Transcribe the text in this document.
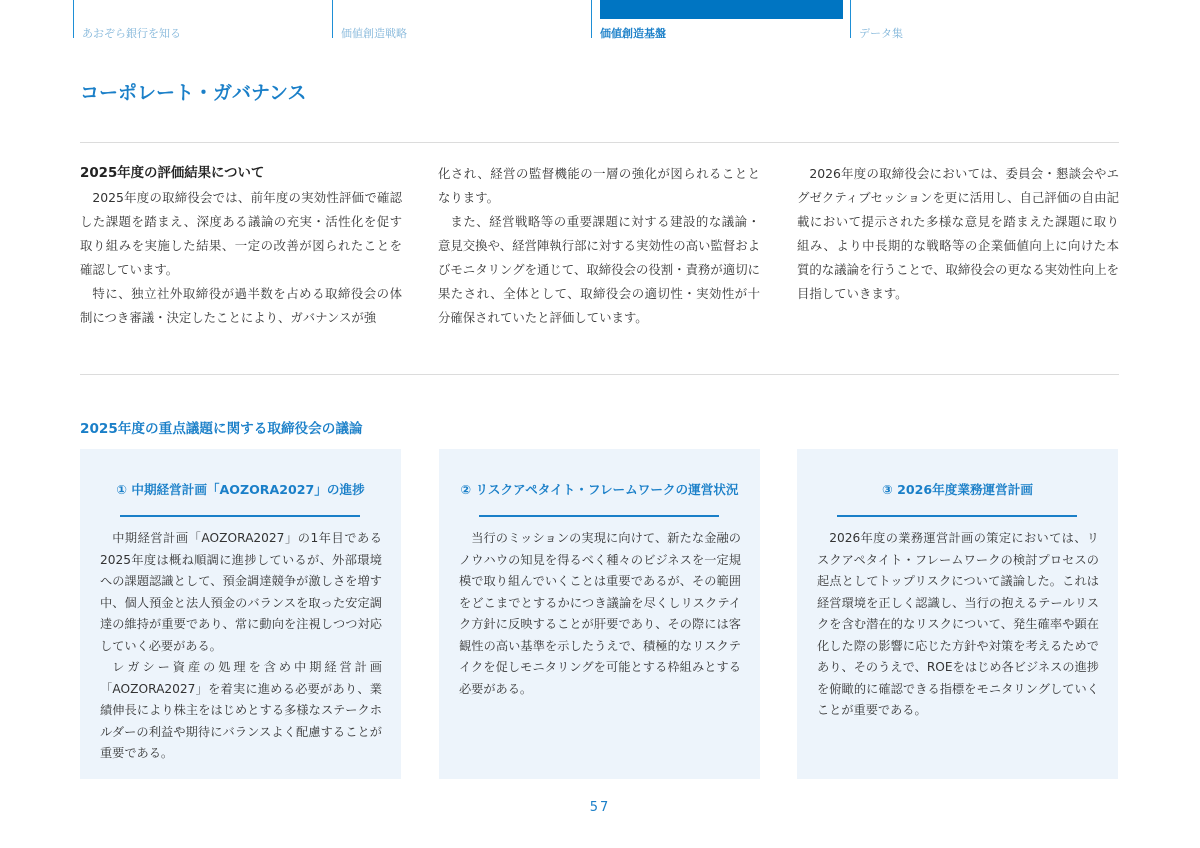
あおぞら銀行を知る	価値創造戦略	価値創造基盤	データ集
コーポレート・ガバナンス
2025年度の評価結果について

2025年度の取締役会では、前年度の実効性評価で確認した課題を踏まえ、深度ある議論の充実・活性化を促す取り組みを実施した結果、一定の改善が図られたことを確認しています。

特に、独立社外取締役が過半数を占める取締役会の体制につき審議・決定したことにより、ガバナンスが強

化され、経営の監督機能の一層の強化が図られることとなります。

また、経営戦略等の重要課題に対する建設的な議論・意見交換や、経営陣執行部に対する実効性の高い監督およびモニタリングを通じて、取締役会の役割・責務が適切に果たされ、全体として、取締役会の適切性・実効性が十分確保されていたと評価しています。

2026年度の取締役会においては、委員会・懇談会やエグゼクティブセッションを更に活用し、自己評価の自由記載において提示された多様な意見を踏まえた課題に取り組み、より中長期的な戦略等の企業価値向上に向けた本質的な議論を行うことで、取締役会の更なる実効性向上を目指していきます。

2025年度の重点議題に関する取締役会の議論
① 中期経営計画「AOZORA2027」の進捗

中期経営計画「AOZORA2027」の1年目である2025年度は概ね順調に進捗しているが、外部環境への課題認識として、預金調達競争が激しさを増す中、個人預金と法人預金のバランスを取った安定調達の維持が重要であり、常に動向を注視しつつ対応していく必要がある。

レガシー資産の処理を含め中期経営計画「AOZORA2027」を着実に進める必要があり、業績伸長により株主をはじめとする多様なステークホルダーの利益や期待にバランスよく配慮することが重要である。

② リスクアペタイト・フレームワークの運営状況

当行のミッションの実現に向けて、新たな金融のノウハウの知見を得るべく種々のビジネスを一定規模で取り組んでいくことは重要であるが、その範囲をどこまでとするかにつき議論を尽くしリスクテイク方針に反映することが肝要であり、その際には客観性の高い基準を示したうえで、積極的なリスクテイクを促しモニタリングを可能とする枠組みとする必要がある。

③ 2026年度業務運営計画

2026年度の業務運営計画の策定においては、リスクアペタイト・フレームワークの検討プロセスの起点としてトップリスクについて議論した。これは経営環境を正しく認識し、当行の抱えるテールリスクを含む潜在的なリスクについて、発生確率や顕在化した際の影響に応じた方針や対策を考えるためであり、そのうえで、ROEをはじめ各ビジネスの進捗を俯瞰的に確認できる指標をモニタリングしていくことが重要である。

57
